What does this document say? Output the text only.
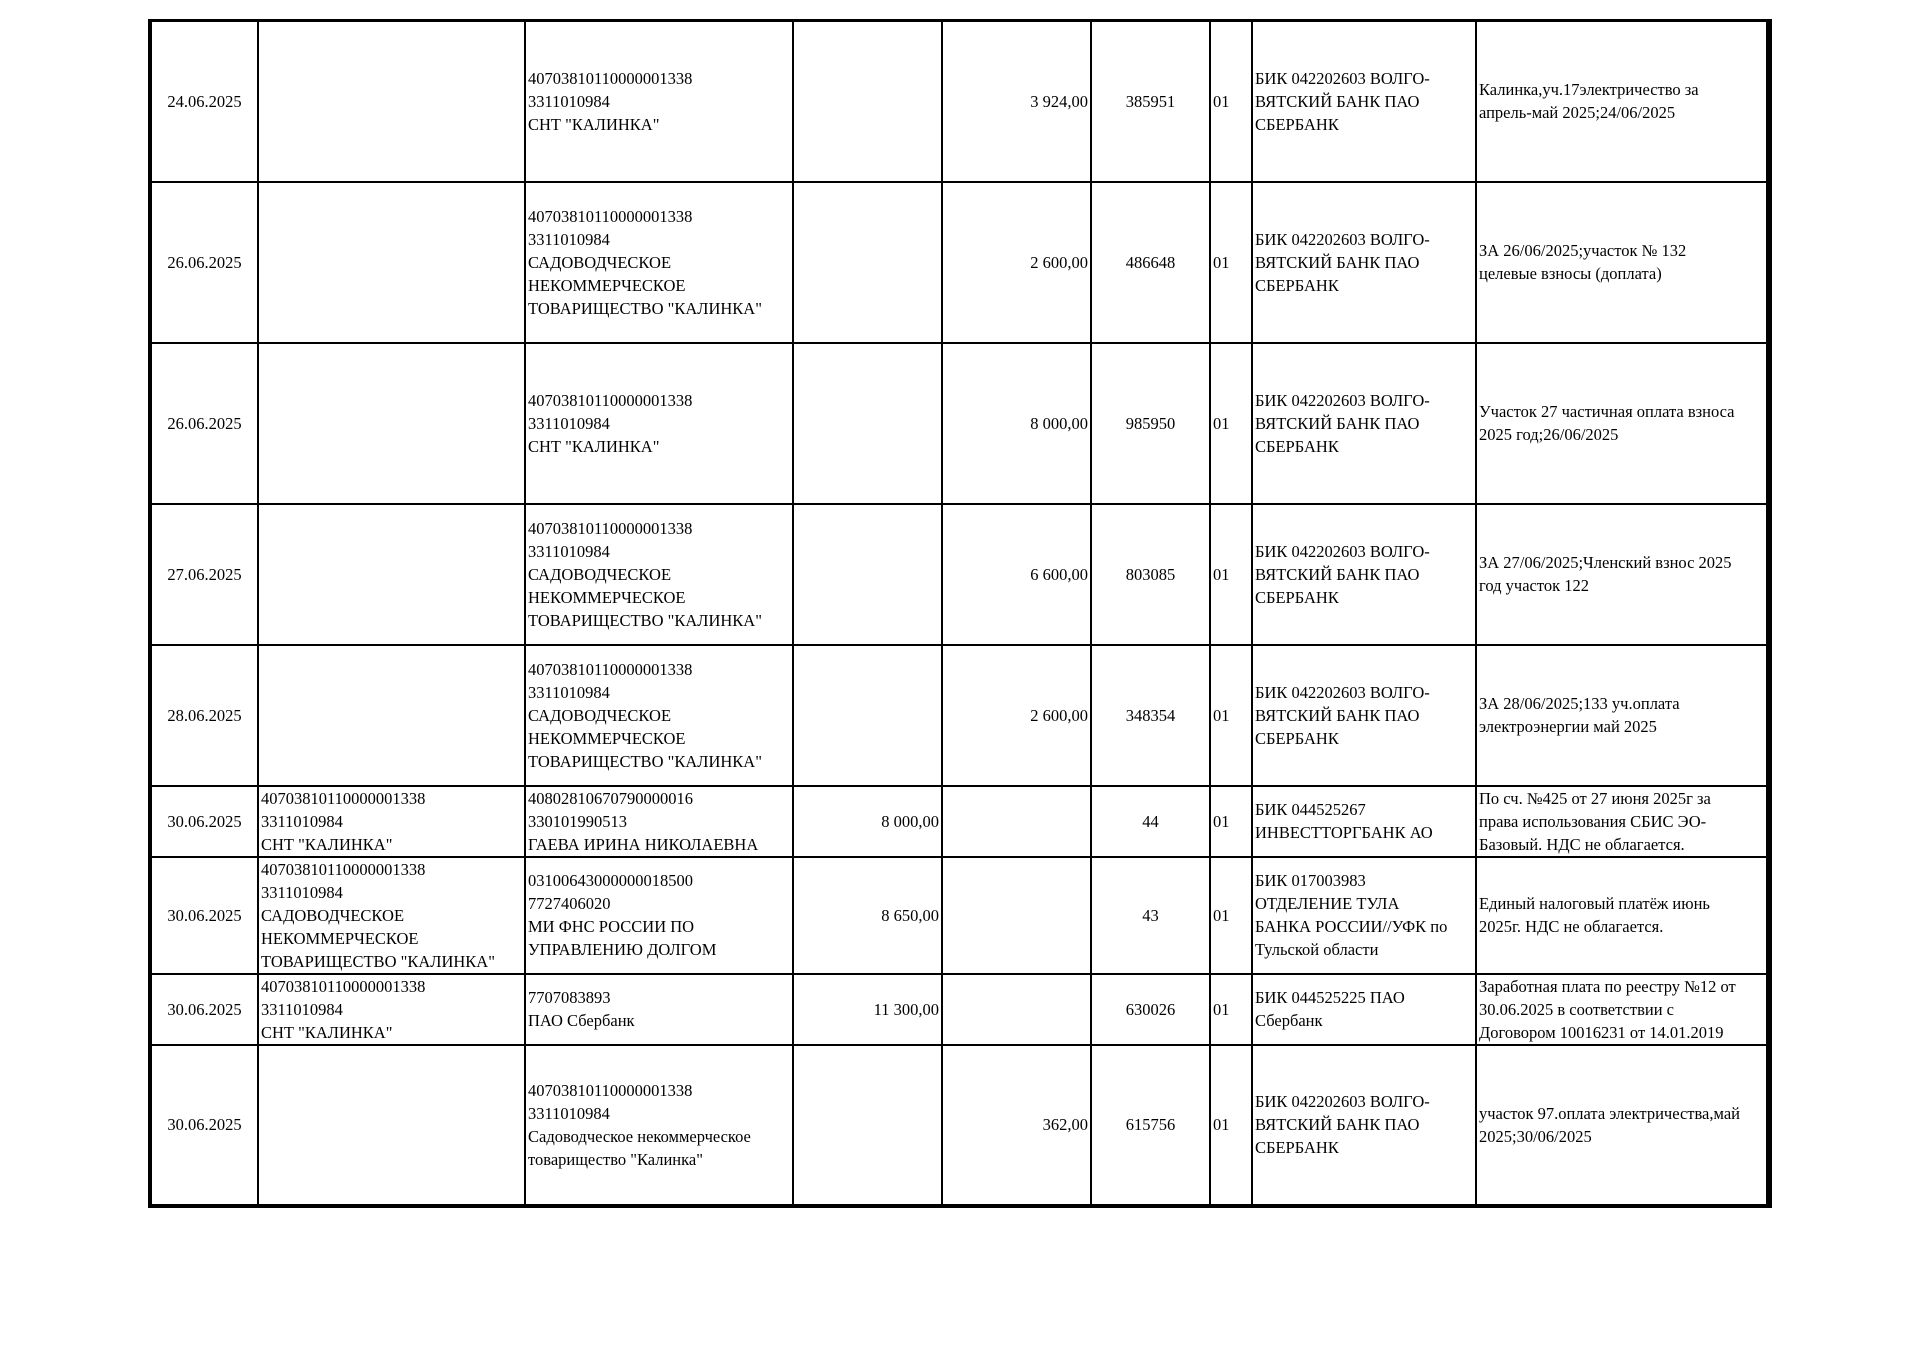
24.06.2025		40703810110000001338
3311010984
СНТ "КАЛИНКА"		3 924,00	385951	01	БИК 042202603 ВОЛГО-
ВЯТСКИЙ БАНК ПАО
СБЕРБАНК	Калинка,уч.17электричество за
апрель-май 2025;24/06/2025

26.06.2025		40703810110000001338
3311010984
САДОВОДЧЕСКОЕ
НЕКОММЕРЧЕСКОЕ
ТОВАРИЩЕСТВО "КАЛИНКА"		2 600,00	486648	01	БИК 042202603 ВОЛГО-
ВЯТСКИЙ БАНК ПАО
СБЕРБАНК	ЗА 26/06/2025;участок № 132
целевые взносы (доплата)

26.06.2025		40703810110000001338
3311010984
СНТ "КАЛИНКА"		8 000,00	985950	01	БИК 042202603 ВОЛГО-
ВЯТСКИЙ БАНК ПАО
СБЕРБАНК	Участок 27 частичная оплата взноса
2025 год;26/06/2025

27.06.2025		40703810110000001338
3311010984
САДОВОДЧЕСКОЕ
НЕКОММЕРЧЕСКОЕ
ТОВАРИЩЕСТВО "КАЛИНКА"		6 600,00	803085	01	БИК 042202603 ВОЛГО-
ВЯТСКИЙ БАНК ПАО
СБЕРБАНК	ЗА 27/06/2025;Членский взнос 2025
год участок 122

28.06.2025		40703810110000001338
3311010984
САДОВОДЧЕСКОЕ
НЕКОММЕРЧЕСКОЕ
ТОВАРИЩЕСТВО "КАЛИНКА"		2 600,00	348354	01	БИК 042202603 ВОЛГО-
ВЯТСКИЙ БАНК ПАО
СБЕРБАНК	ЗА 28/06/2025;133 уч.оплата
электроэнергии май 2025

30.06.2025	40703810110000001338
3311010984
СНТ "КАЛИНКА"	40802810670790000016
330101990513
ГАЕВА ИРИНА НИКОЛАЕВНА	8 000,00		44	01	БИК 044525267
ИНВЕСТТОРГБАНК АО	По сч. №425 от 27 июня 2025г за
права использования СБИС ЭО-
Базовый. НДС не облагается.

30.06.2025	40703810110000001338
3311010984
САДОВОДЧЕСКОЕ
НЕКОММЕРЧЕСКОЕ
ТОВАРИЩЕСТВО "КАЛИНКА"	03100643000000018500
7727406020
МИ ФНС РОССИИ ПО
УПРАВЛЕНИЮ ДОЛГОМ	8 650,00		43	01	БИК 017003983
ОТДЕЛЕНИЕ ТУЛА
БАНКА РОССИИ//УФК по
Тульской области	Единый налоговый платёж июнь
2025г. НДС не облагается.

30.06.2025	40703810110000001338
3311010984
СНТ "КАЛИНКА"	7707083893
ПАО Сбербанк	11 300,00		630026	01	БИК 044525225 ПАО
Сбербанк	Заработная плата по реестру №12 от
30.06.2025 в соответствии с
Договором 10016231 от 14.01.2019

30.06.2025		40703810110000001338
3311010984
Садоводческое некоммерческое
товарищество "Калинка"		362,00	615756	01	БИК 042202603 ВОЛГО-
ВЯТСКИЙ БАНК ПАО
СБЕРБАНК	участок 97.оплата электричества,май
2025;30/06/2025
